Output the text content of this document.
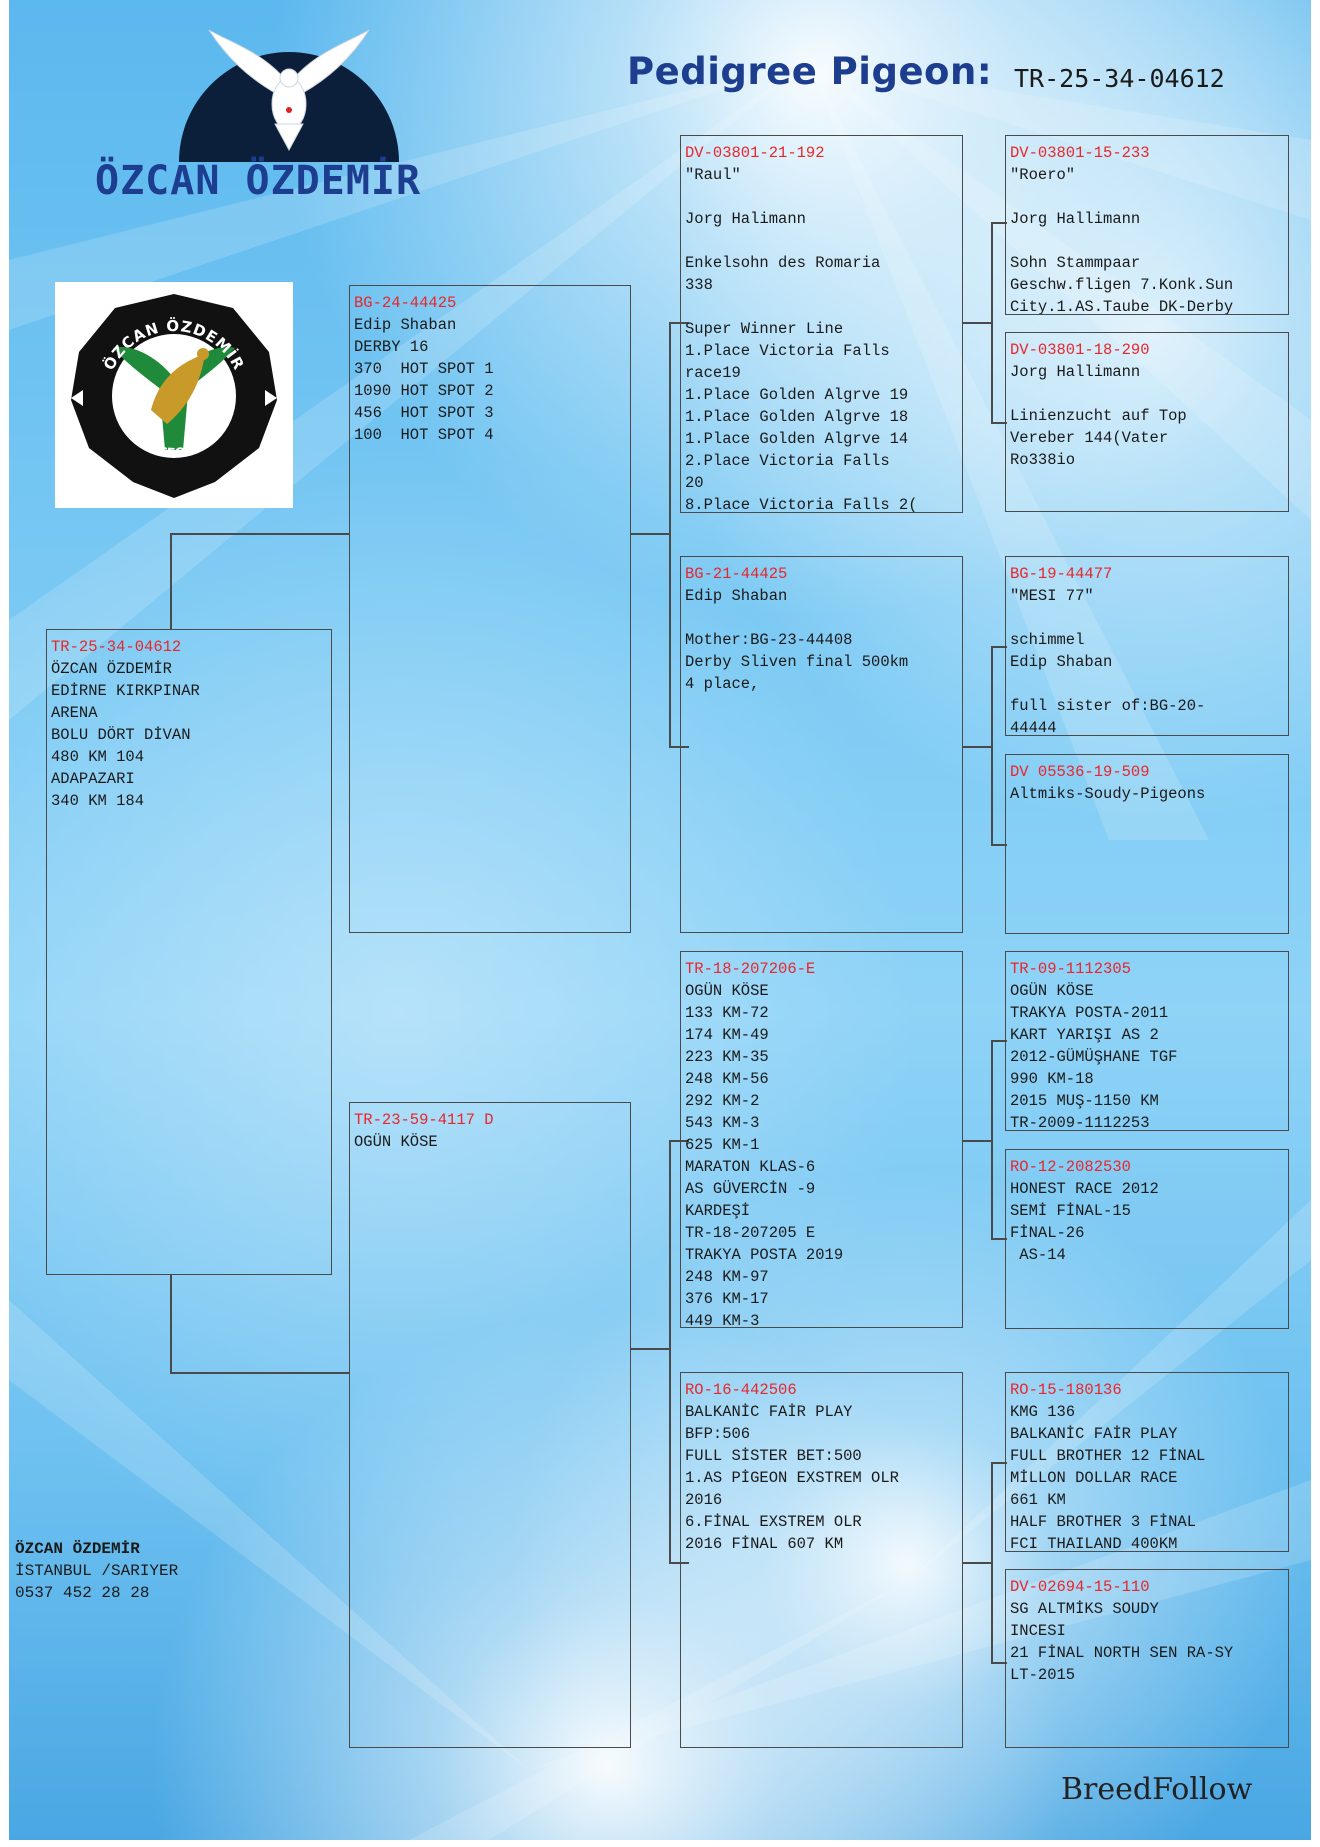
ÖZCAN ÖZDEMİR
Pedigree Pigeon: TR-25-34-04612
ÖZCAN ÖZDEMİR
PIGEONS
TR-25-34-04612
ÖZCAN ÖZDEMİR
EDİRNE KIRKPINAR
ARENA
BOLU DÖRT DİVAN
480 KM 104
ADAPAZARI
340 KM 184
BG-24-44425
Edip Shaban
DERBY 16
370  HOT SPOT 1
1090 HOT SPOT 2
456  HOT SPOT 3
100  HOT SPOT 4
TR-23-59-4117 D
OGÜN KÖSE
DV-03801-21-192
"Raul"
Jorg Halimann
Enkelsohn des Romaria
338
Super Winner Line
1.Place Victoria Falls
race19
1.Place Golden Algrve 19
1.Place Golden Algrve 18
1.Place Golden Algrve 14
2.Place Victoria Falls
20
8.Place Victoria Falls 2(
BG-21-44425
Edip Shaban
Mother:BG-23-44408
Derby Sliven final 500km
4 place,
TR-18-207206-E
OGÜN KÖSE
133 KM-72
174 KM-49
223 KM-35
248 KM-56
292 KM-2
543 KM-3
625 KM-1
MARATON KLAS-6
AS GÜVERCİN -9
KARDEŞİ
TR-18-207205 E
TRAKYA POSTA 2019
248 KM-97
376 KM-17
449 KM-3
RO-16-442506
BALKANİC FAİR PLAY
BFP:506
FULL SİSTER BET:500
1.AS PİGEON EXSTREM OLR
2016
6.FİNAL EXSTREM OLR
2016 FİNAL 607 KM
DV-03801-15-233
"Roero"
Jorg Hallimann
Sohn Stammpaar
Geschw.fligen 7.Konk.Sun
City.1.AS.Taube DK-Derby
DV-03801-18-290
Jorg Hallimann
Linienzucht auf Top
Vereber 144(Vater
Ro338io
BG-19-44477
"MESI 77"
schimmel
Edip Shaban
full sister of:BG-20-
44444
DV 05536-19-509
Altmiks-Soudy-Pigeons
TR-09-1112305
OGÜN KÖSE
TRAKYA POSTA-2011
KART YARIŞI AS 2
2012-GÜMÜŞHANE TGF
990 KM-18
2015 MUŞ-1150 KM
TR-2009-1112253
RO-12-2082530
HONEST RACE 2012
SEMİ FİNAL-15
FİNAL-26
AS-14
RO-15-180136
KMG 136
BALKANİC FAİR PLAY
FULL BROTHER 12 FİNAL
MİLLON DOLLAR RACE
661 KM
HALF BROTHER 3 FİNAL
FCI THAILAND 400KM
DV-02694-15-110
SG ALTMİKS SOUDY
INCESI
21 FİNAL NORTH SEN RA-SY
LT-2015
ÖZCAN ÖZDEMİR
İSTANBUL /SARIYER
0537 452 28 28
BreedFollow
